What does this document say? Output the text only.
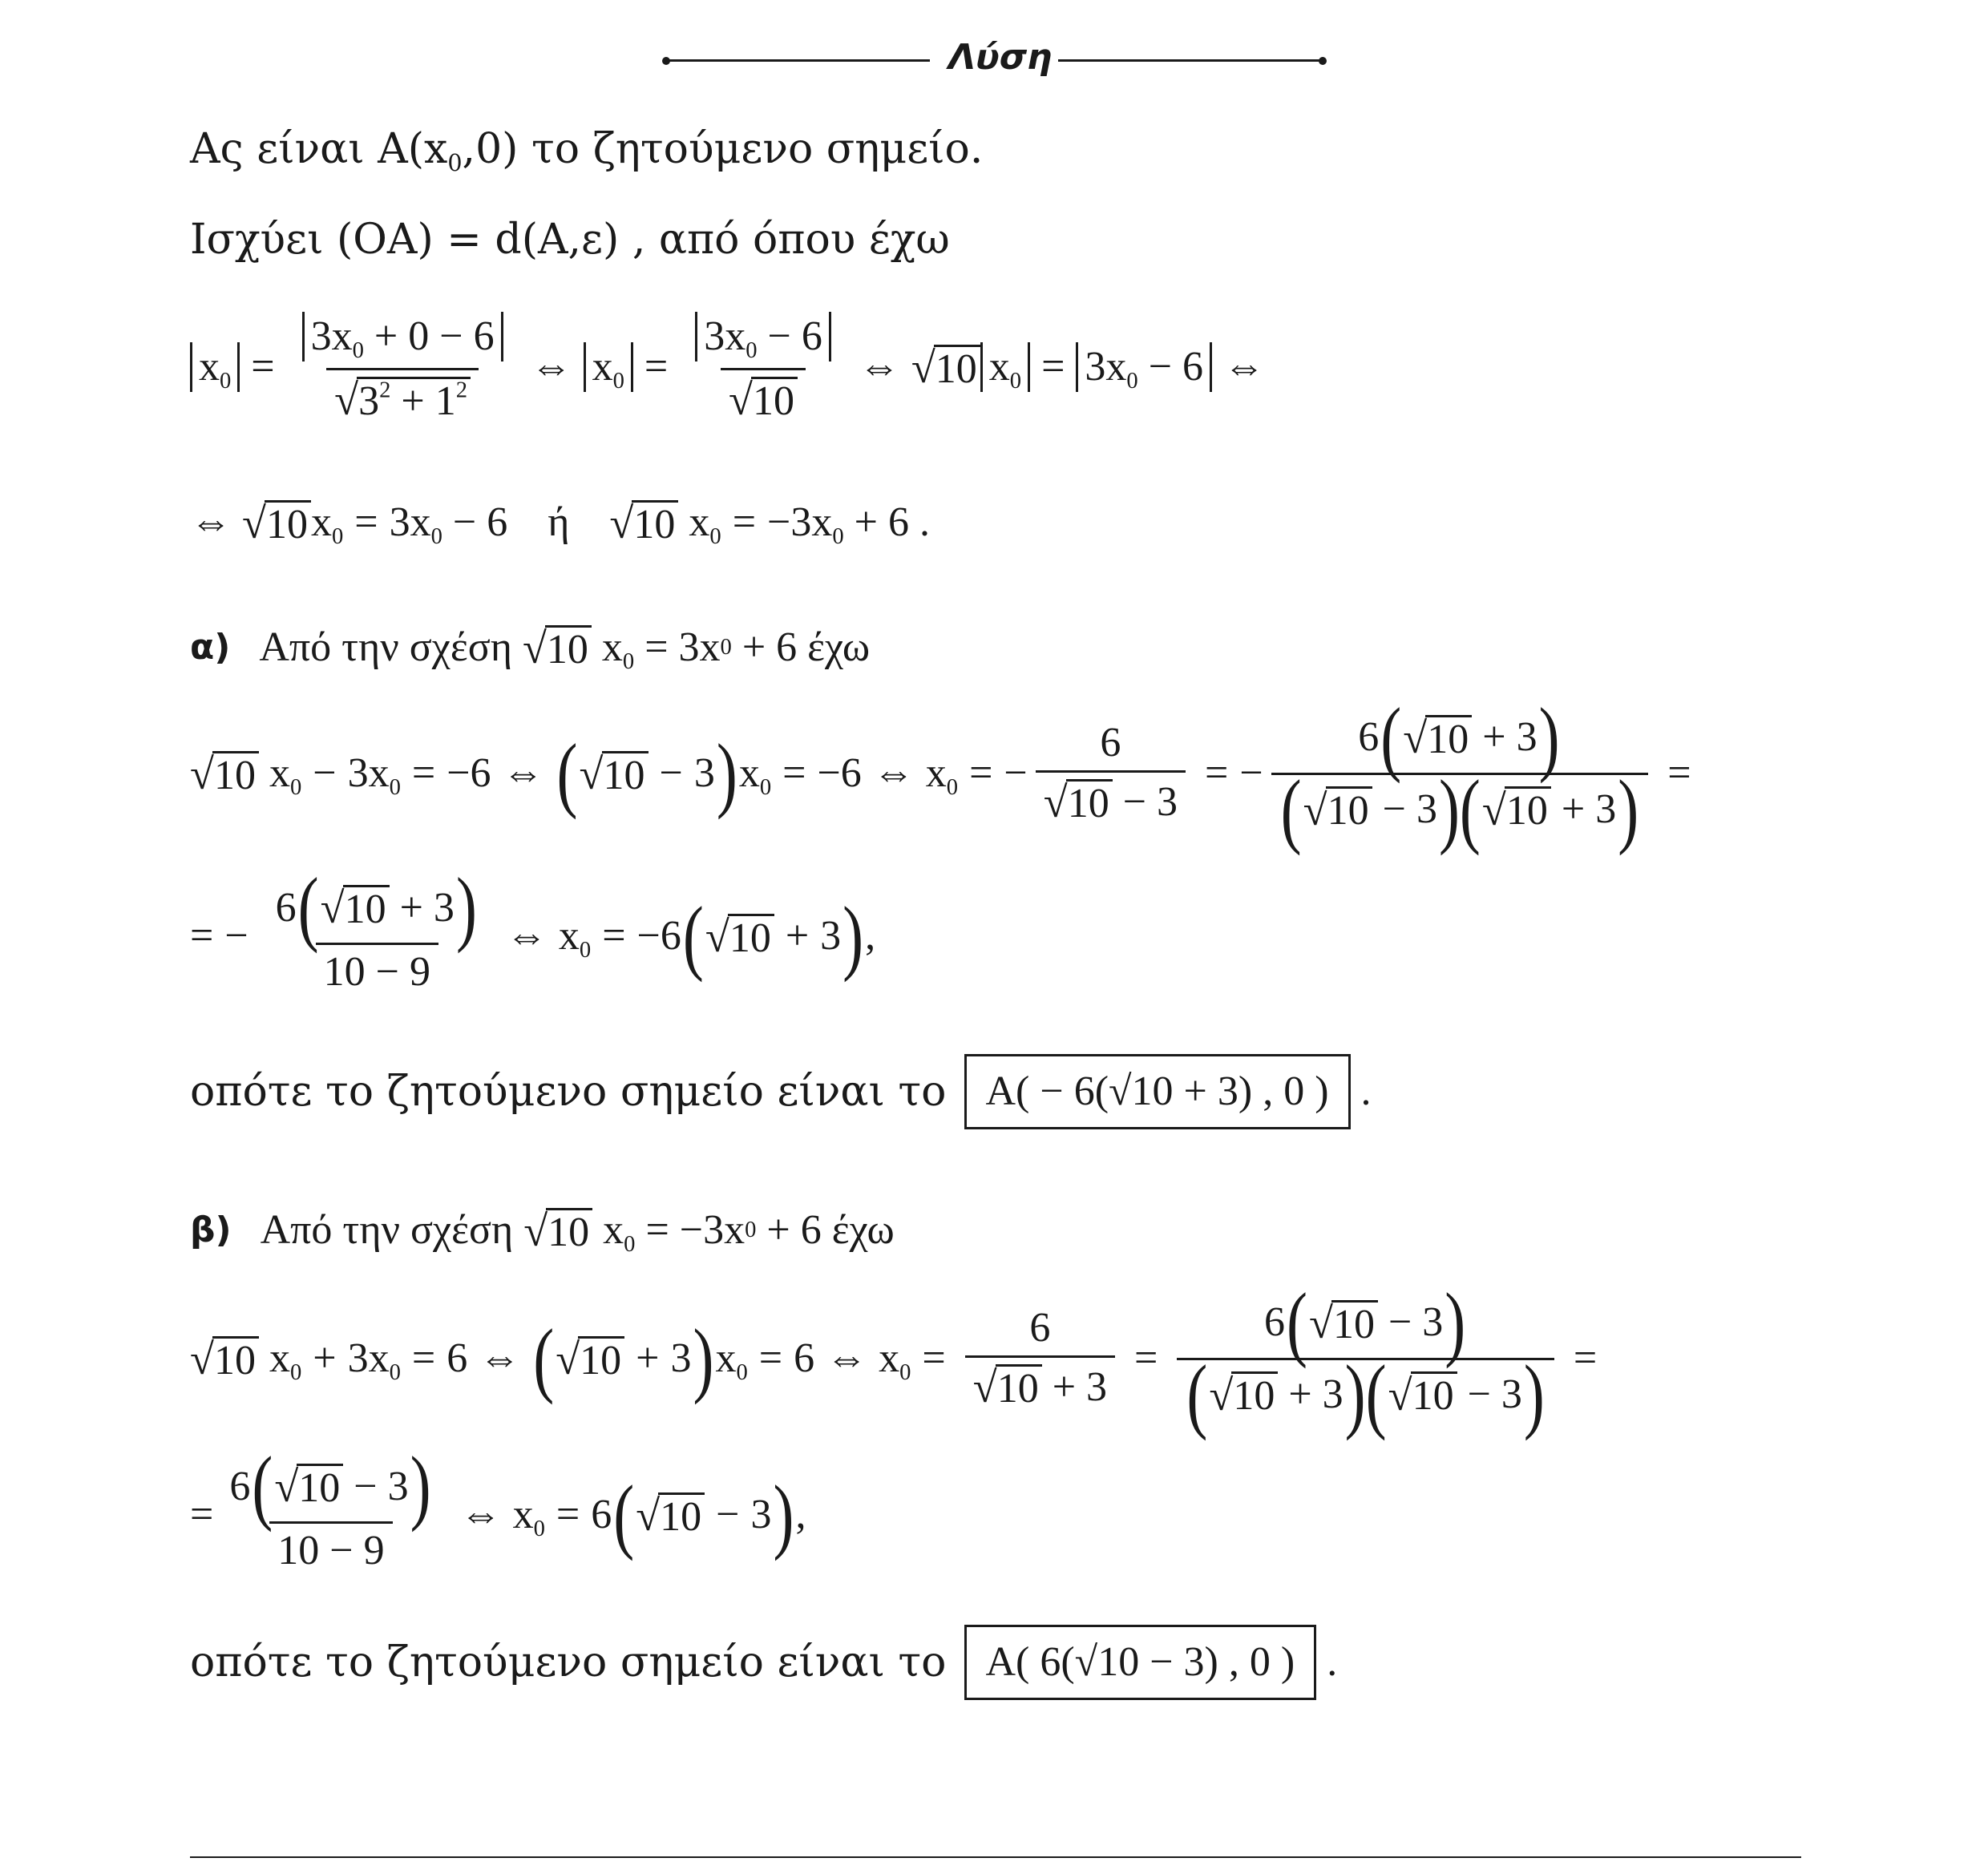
Λύση
Ας είναι $A(x_0,0)$ το ζητούμενο σημείο.
Ισχύει (OA) = d(A,ε) , από όπου έχω
$x_0 = \frac{3x_0 + 0 - 6}{√ 3^2 + 1^2}$ ⇔ $x_0 = \frac{3x_0 - 6}{√ 10}$ ⇔ √ 10 $x_0 = 3x_0 - 6$ ⇔
⇔
√ 10 $x_0 = 3x_0 - 6$ ή √ 10
$x_0 = -3x_0 + 6$ .
α) Από την σχέση
√ 10
$x_0$
= 3x 0
+ 6 έχω
√ 10
$x_0 - 3x_0 = -6$ ⇔ ( √ 10 − 3 ) $x_0 = -6$ ⇔ $x_0$ = − $\frac{6}{√ 10 - 3}$ = − $\frac{6 ( √ 10 + 3 )}{( √ 10 - 3 )( √ 10 + 3 )}$ =
= − $\frac{6 ( √ 10 + 3 )}{10 - 9}$ ⇔ $x_0 = -6$ ( √ 10 + 3 ) ,
οπότε το ζητούμενο σημείο είναι το A( − 6(√10 + 3) , 0 ) .
β) Από την σχέση
√ 10
$x_0$
= −3x 0
+ 6 έχω
√ 10
$x_0 + 3x_0 = 6$ ⇔ ( √ 10 + 3 ) $x_0 = 6$ ⇔ $x_0 = \frac{6}{√ 10 + 3} = \frac{6 ( √ 10 - 3 )}{( √ 10 + 3 )( √ 10 - 3 )}$ =
= $\frac{6 ( √ 10 - 3 )}{10 - 9}$ ⇔ $x_0 = 6$ ( √ 10 − 3 ) ,
οπότε το ζητούμενο σημείο είναι το A( 6(√10 − 3) , 0 ) .
